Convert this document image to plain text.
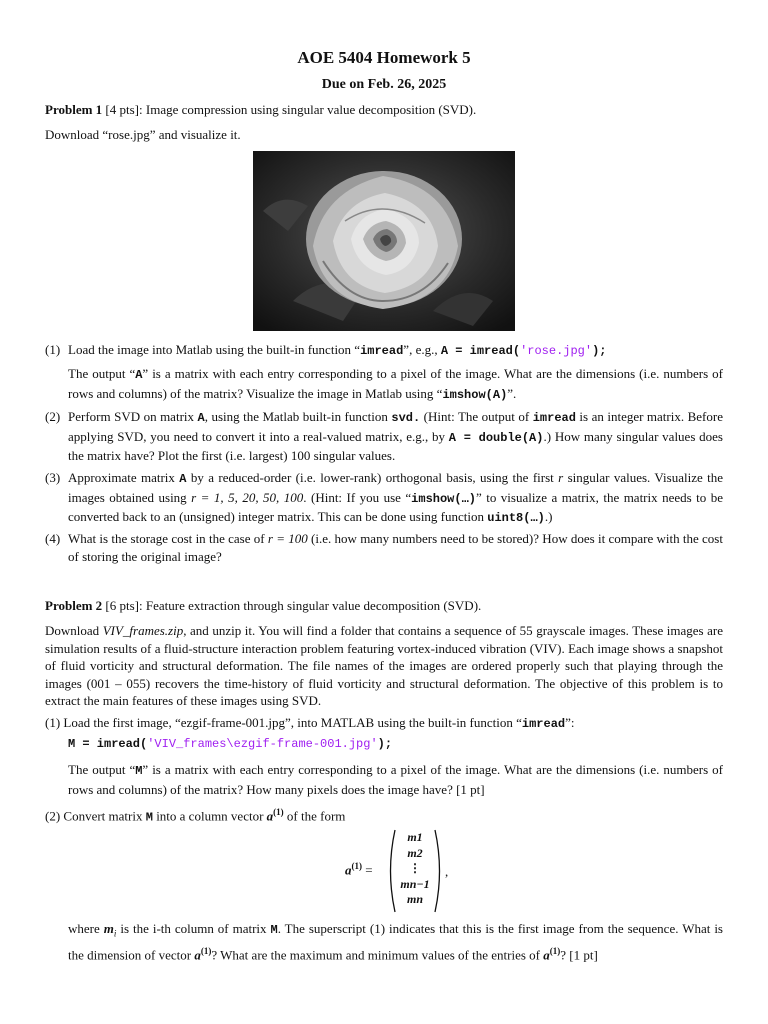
AOE 5404 Homework 5
Due on Feb. 26, 2025
Problem 1 [4 pts]: Image compression using singular value decomposition (SVD).
Download “rose.jpg” and visualize it.
(1) Load the image into Matlab using the built-in function “imread”, e.g., A = imread('rose.jpg');
The output “A” is a matrix with each entry corresponding to a pixel of the image. What are the dimensions (i.e. numbers of rows and columns) of the matrix? Visualize the image in Matlab using “imshow(A)”.
(2) Perform SVD on matrix A, using the Matlab built-in function svd. (Hint: The output of imread is an integer matrix. Before applying SVD, you need to convert it into a real-valued matrix, e.g., by A = double(A).) How many singular values does the matrix have? Plot the first (i.e. largest) 100 singular values.
(3) Approximate matrix A by a reduced-order (i.e. lower-rank) orthogonal basis, using the first r singular values. Visualize the images obtained using r = 1, 5, 20, 50, 100. (Hint: If you use “imshow(…)” to visualize a matrix, the matrix needs to be converted back to an (unsigned) integer matrix. This can be done using function uint8(…).)
(4) What is the storage cost in the case of r = 100 (i.e. how many numbers need to be stored)? How does it compare with the cost of storing the original image?
Problem 2 [6 pts]: Feature extraction through singular value decomposition (SVD).
Download VIV_frames.zip, and unzip it. You will find a folder that contains a sequence of 55 grayscale images. These images are simulation results of a fluid-structure interaction problem featuring vortex-induced vibration (VIV). Each image shows a snapshot of fluid vorticity and structural deformation. The file names of the images are ordered properly such that playing through the images (001 – 055) recovers the time-history of fluid vorticity and structural deformation. The objective of this problem is to extract the main features of these images using SVD.
(1) Load the first image, “ezgif-frame-001.jpg”, into MATLAB using the built-in function “imread”:
M = imread('VIV_frames\ezgif-frame-001.jpg');
The output “M” is a matrix with each entry corresponding to a pixel of the image. What are the dimensions (i.e. numbers of rows and columns) of the matrix? How many pixels does the image have? [1 pt]
(2) Convert matrix M into a column vector $a^{(1)}$ of the form
$a^{(1)}$ =
m1
m2
⋮
mn−1
mn
,
where $m_i$ is the i-th column of matrix M. The superscript (1) indicates that this is the first image from the sequence. What is the dimension of vector $a^{(1)}$? What are the maximum and minimum values of the entries of $a^{(1)}$? [1 pt]
